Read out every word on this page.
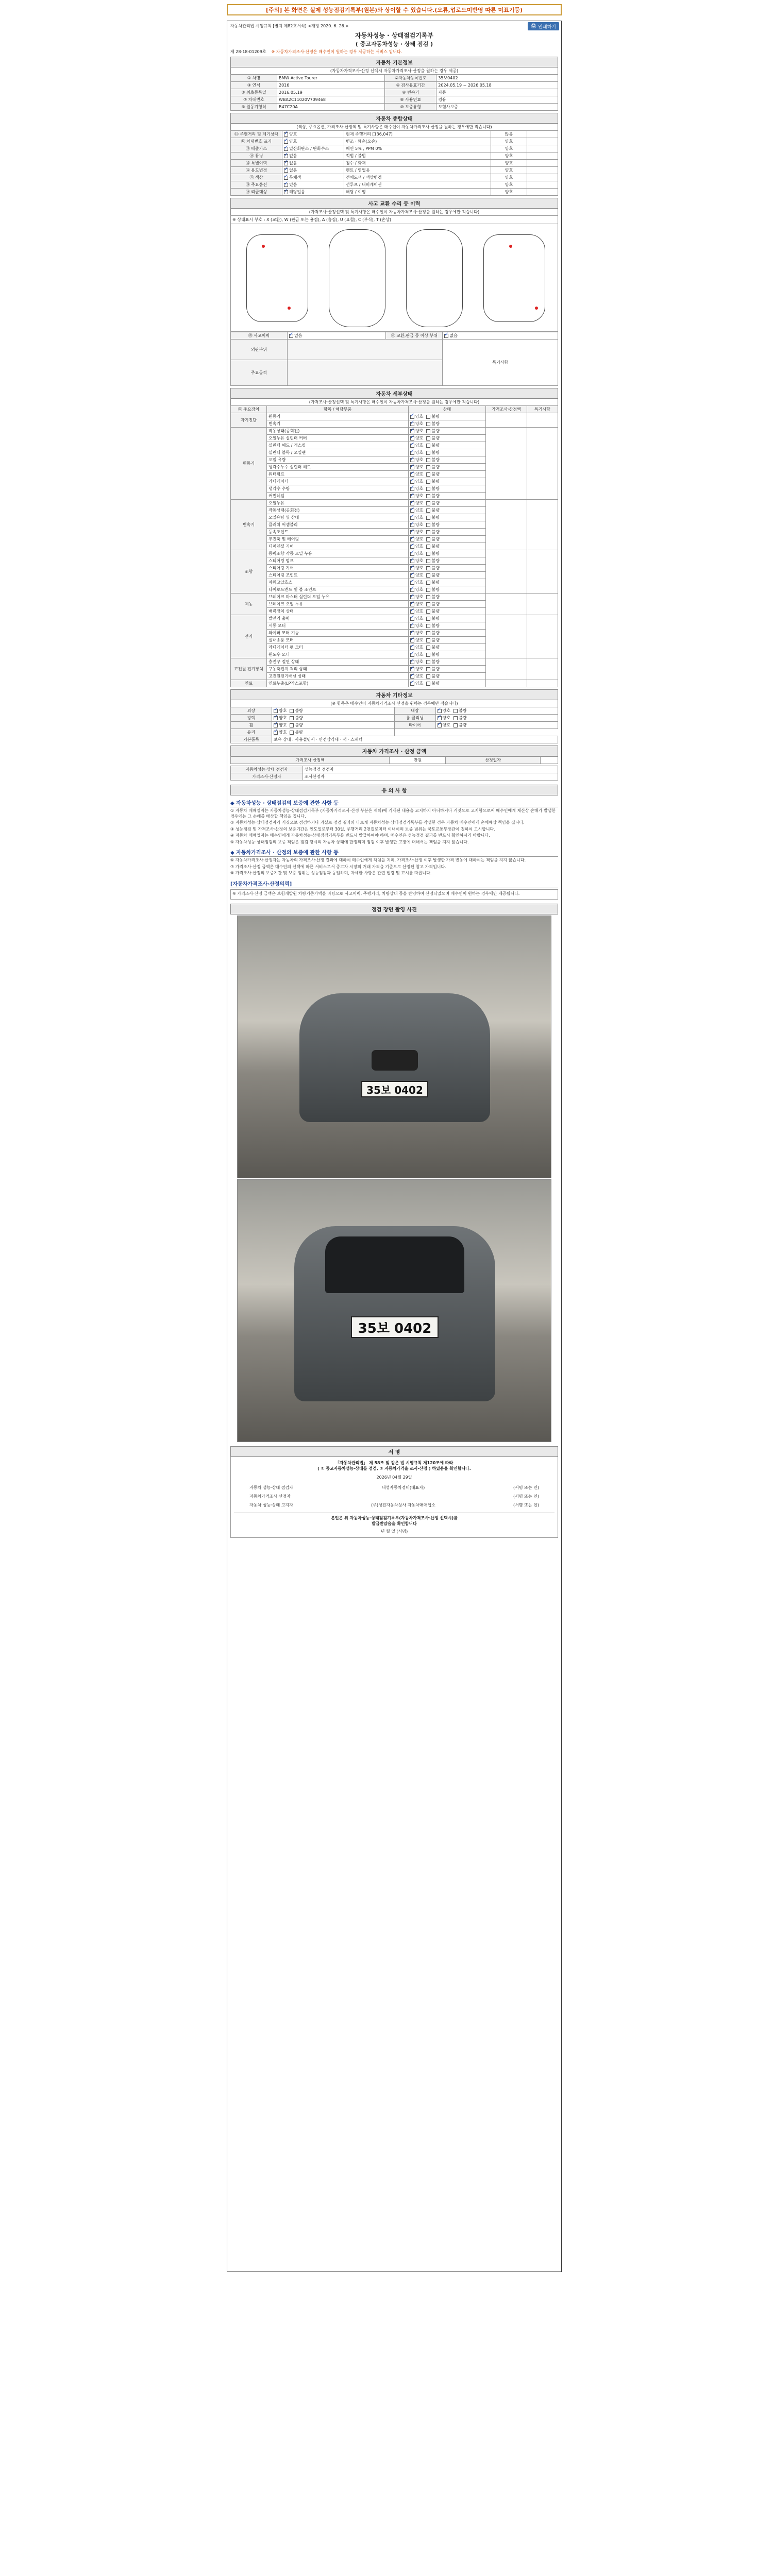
[주의] 본 화면은 실제 성능점검기록부(원본)와 상이할 수 있습니다.(오류,업로드미반영 따른 미표기등)
🖨 인쇄하기
자동차관리법 시행규칙 [별지 제82호서식] <개정 2020. 6. 26.>
자동차성능 · 상태점검기록부
( 중고자동차성능 · 상태 점검 )
제 28-18-01209호 ※ 자동차가격조사·산정은 매수인이 원하는 경우 제공하는 서비스 입니다.
자동차 기본정보
(자동차가격조사·산정 선택시 자동차가격조사·산정을 원하는 경우 제공)
① 차명	BMW Active Tourer	②자동차등록번호	35보0402
③ 연식	2016	④ 검사유효기간	2024.05.19 ~ 2026.05.18
⑤ 최초등록일	2016.05.19	⑥ 변속기	자동
⑦ 차대번호	WBA2C11020V709468	⑧ 사용연료	경유
⑨ 원동기형식	B47C20A	⑩ 보증유형	보험사보증
자동차 종합상태
(색상, 주요옵션, 가격조사·산정액 및 특기사항은 매수인이 자동차가격조사·산정을 원하는 경우에만 적습니다)
⑪ 주행거리 및 계기상태	✓양호	현재 주행거리 [136,047]	많음	
⑫ 차대번호 표기	✓양호	변조 · 훼손(오손)	양호	
⑬ 배출가스	✓일산화탄소 / 탄화수소	매연 5% , PPM 0%	양호	
⑭ 튜닝	✓없음	적법 / 불법	양호	
⑮ 특별이력	✓없음	침수 / 화재	양호	
⑯ 용도변경	✓없음	렌트 / 영업용	양호	
⑰ 색상	✓무채색	전체도색 / 색상변경	양호	
⑱ 주요옵션	✓있음	선루프 / 내비게이션	양호	
⑲ 리콜대상	✓해당없음	해당 / 이행	양호	
사고 교환 수리 등 이력
(가격조사·산정선택 및 특기사항은 매수인이 자동차가격조사·산정을 원하는 경우에만 적습니다)
※ 상태표시 부호 : X (교환), W (판금 또는 용접), A (흠집), U (요철), C (부식), T (손상)
⑳ 사고이력	✓없음	㉑ 교환,판금 등 이상 부위	✓없음
외판부위			특기사항
주요골격			
자동차 세부상태
(가격조사·산정선택 및 특기사항은 매수인이 자동차가격조사·산정을 원하는 경우에만 적습니다)
㉒ 주요장치	항목 / 해당부품	상태	가격조사·산정액	특기사항
자기진단	원동기	✓양호 불량		
	변속기	✓양호 불량
원동기	작동상태(공회전)	✓양호 불량		
	오일누유 실린더 커버	✓양호 불량
	실린더 헤드 / 개스킷	✓양호 불량
	실린더 블록 / 오일팬	✓양호 불량
	오일 유량	✓양호 불량
	냉각수누수 실린더 헤드	✓양호 불량
	워터펌프	✓양호 불량
	라디에이터	✓양호 불량
	냉각수 수량	✓양호 불량
	커먼레일	✓양호 불량
변속기	오일누유	✓양호 불량		
	작동상태(공회전)	✓양호 불량
	오일유량 및 상태	✓양호 불량
	클러치 어셈블리	✓양호 불량
	등속조인트	✓양호 불량
	추진축 및 베어링	✓양호 불량
	디퍼렌셜 기어	✓양호 불량
조향	동력조향 작동 오일 누유	✓양호 불량		
	스티어링 펌프	✓양호 불량
	스티어링 기어	✓양호 불량
	스티어링 조인트	✓양호 불량
	파워고압호스	✓양호 불량
	타이로드엔드 및 볼 조인트	✓양호 불량
제동	브레이크 마스터 실린더 오일 누유	✓양호 불량		
	브레이크 오일 누유	✓양호 불량
	배력장치 상태	✓양호 불량
전기	발전기 출력	✓양호 불량		
	시동 모터	✓양호 불량
	와이퍼 모터 기능	✓양호 불량
	실내송풍 모터	✓양호 불량
	라디에이터 팬 모터	✓양호 불량
	윈도우 모터	✓양호 불량
고전원 전기장치	충전구 절연 상태	✓양호 불량		
	구동축전지 격리 상태	✓양호 불량
	고전원전기배선 상태	✓양호 불량
연료	연료누출(LP가스포함)	✓양호 불량		
자동차 기타정보
(※ 항목은 매수인이 자동차가격조사·산정을 원하는 경우에만 적습니다)
외장	✓양호 불량	내장	✓양호 불량
광택	✓양호 불량	룸 클리닝	✓양호 불량
휠	✓양호 불량	타이어	✓양호 불량
유리	✓양호 불량
기본품목	보유 상태 : 사용설명서 · 안전삼각대 · 잭 · 스패너		
자동차 가격조사 · 산정 금액
가격조사·산정액	만원	산정일자	
자동차성능·상태 점검자	성능점검 점검자
가격조사·산정자	조사산정자
유 의 사 항
◆ 자동차성능 · 상태점검의 보증에 관한 사항 등
① 자동차 매매업자는 자동차성능·상태점검기록부 (자동차가격조사·산정 부분은 제외)에 기재된 내용을 고지하지 아니하거나 거짓으로 고지함으로써 매수인에게 재산상 손해가 발생한 경우에는 그 손해를 배상할 책임을 집니다.
② 자동차성능·상태점검자가 거짓으로 점검하거나 과실로 점검 결과와 다르게 자동차성능·상태점검기록부를 작성한 경우 자동차 매수인에게 손해배상 책임을 집니다.
③ 성능점검 및 가격조사·산정의 보증기간은 인도일로부터 30일, 주행거리 2천킬로미터 이내이며 보증 범위는 국토교통부장관이 정하여 고시합니다.
④ 자동차 매매업자는 매수인에게 자동차성능·상태점검기록부를 반드시 발급하여야 하며, 매수인은 성능점검 결과를 반드시 확인하시기 바랍니다.
⑤ 자동차성능·상태점검의 보증 책임은 점검 당시의 자동차 상태에 한정되며 점검 이후 발생한 고장에 대해서는 책임을 지지 않습니다.
◆ 자동차가격조사 · 산정의 보증에 관한 사항 등
⑥ 자동차가격조사·산정자는 자동차의 가격조사·산정 결과에 대하여 매수인에게 책임을 지며, 가격조사·산정 이후 발생한 가격 변동에 대하여는 책임을 지지 않습니다.
⑦ 가격조사·산정 금액은 매수인의 선택에 따른 서비스로서 중고차 시장의 거래 가격을 기준으로 산정된 참고 가격입니다.
⑧ 가격조사·산정의 보증기간 및 보증 범위는 성능점검과 동일하며, 자세한 사항은 관련 법령 및 고시를 따릅니다.
[자동차가격조사·산정의뢰]
※ 가격조사·산정 금액은 보험개발원 차량기준가액을 바탕으로 사고이력, 주행거리, 차량상태 등을 반영하여 산정되었으며 매수인이 원하는 경우에만 제공됩니다.
점검 장면 촬영 사진
35보 0402
35보 0402
서 명
「자동차관리법」 제 58조 및 같은 법 시행규칙 제120조에 따라
( ① 중고자동차성능·상태를 점검, ② 자동차가격을 조사·산정 ) 하였음을 확인합니다.
2026년 04월 29일
자동차 성능·상태 점검자	대성자동차정비(대표자)	(서명 또는 인)
자동차가격조사·산정자	(서명 또는 인)
자동차 성능·상태 고지자	(주)성진자동차상사 자동차매매업소	(서명 또는 인)
본인은 위 자동차성능·상태점검기록부(자동차가격조사·산정 선택시)를
발급받았음을 확인합니다
년 월 일 (서명)
